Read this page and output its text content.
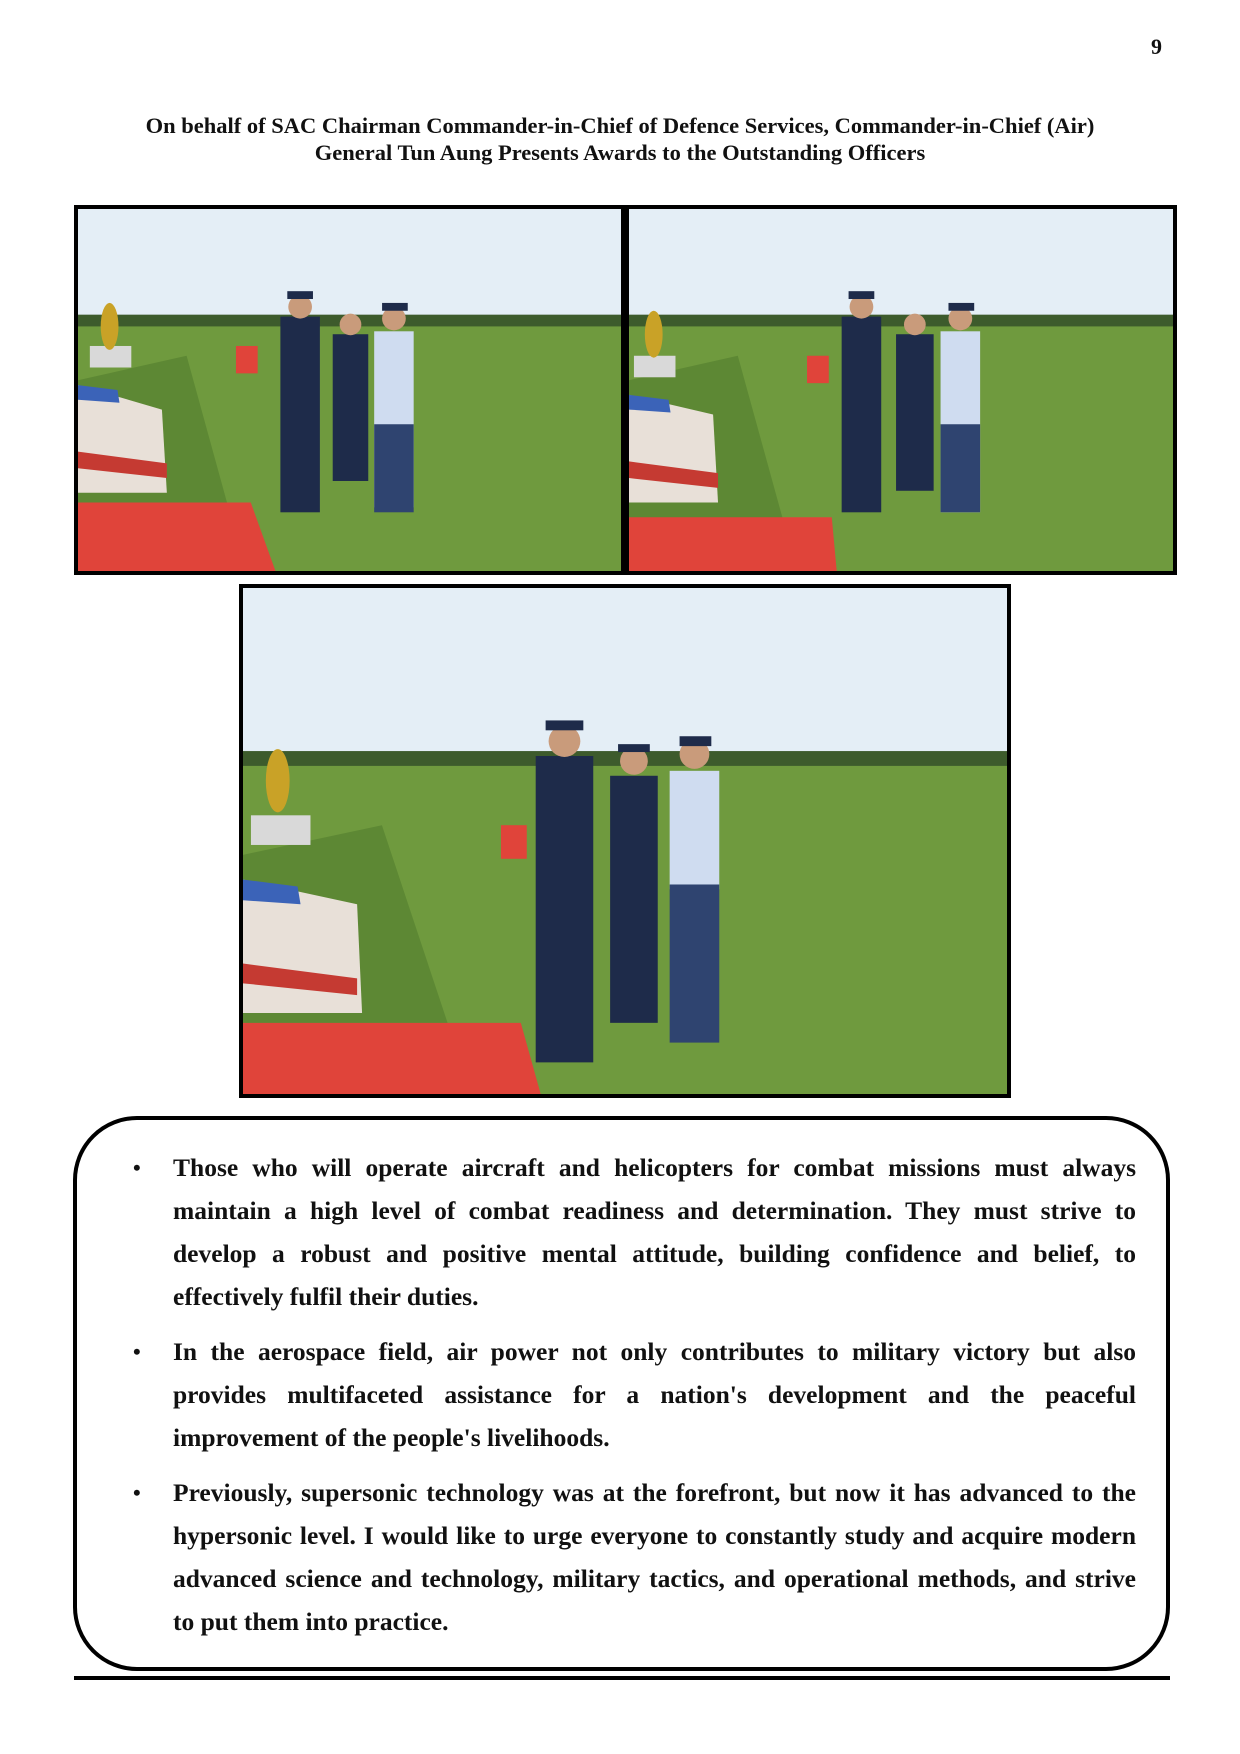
9
On behalf of SAC Chairman Commander-in-Chief of Defence Services, Commander-in-Chief (Air)
General Tun Aung Presents Awards to the Outstanding Officers
• Those who will operate aircraft and helicopters for combat missions must always maintain a high level of combat readiness and determination. They must strive to develop a robust and positive mental attitude, building confidence and belief, to effectively fulfil their duties.
• In the aerospace field, air power not only contributes to military victory but also provides multifaceted assistance for a nation's development and the peaceful improvement of the people's livelihoods.
• Previously, supersonic technology was at the forefront, but now it has advanced to the hypersonic level. I would like to urge everyone to constantly study and acquire modern advanced science and technology, military tactics, and operational methods, and strive to put them into practice.
